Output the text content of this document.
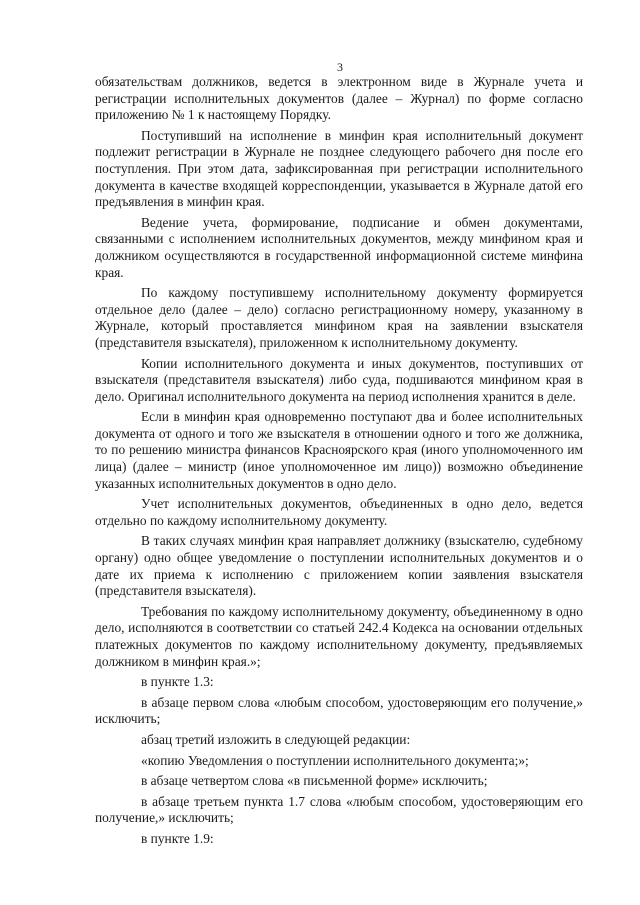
3

обязательствам должников, ведется в электронном виде в Журнале учета и регистрации исполнительных документов (далее – Журнал) по форме согласно приложению № 1 к настоящему Порядку.

Поступивший на исполнение в минфин края исполнительный документ подлежит регистрации в Журнале не позднее следующего рабочего дня после его поступления. При этом дата, зафиксированная при регистрации исполнительного документа в качестве входящей корреспонденции, указывается в Журнале датой его предъявления в минфин края.

Ведение учета, формирование, подписание и обмен документами, связанными с исполнением исполнительных документов, между минфином края и должником осуществляются в государственной информационной системе минфина края.

По каждому поступившему исполнительному документу формируется отдельное дело (далее – дело) согласно регистрационному номеру, указанному в Журнале, который проставляется минфином края на заявлении взыскателя (представителя взыскателя), приложенном к исполнительному документу.

Копии исполнительного документа и иных документов, поступивших от взыскателя (представителя взыскателя) либо суда, подшиваются минфином края в дело. Оригинал исполнительного документа на период исполнения хранится в деле.

Если в минфин края одновременно поступают два и более исполнительных документа от одного и того же взыскателя в отношении одного и того же должника, то по решению министра финансов Красноярского края (иного уполномоченного им лица) (далее – министр (иное уполномоченное им лицо)) возможно объединение указанных исполнительных документов в одно дело.

Учет исполнительных документов, объединенных в одно дело, ведется отдельно по каждому исполнительному документу.

В таких случаях минфин края направляет должнику (взыскателю, судебному органу) одно общее уведомление о поступлении исполнительных документов и о дате их приема к исполнению с приложением копии заявления взыскателя (представителя взыскателя).

Требования по каждому исполнительному документу, объединенному в одно дело, исполняются в соответствии со статьей 242.4 Кодекса на основании отдельных платежных документов по каждому исполнительному документу, предъявляемых должником в минфин края.»;

в пункте 1.3:

в абзаце первом слова «любым способом, удостоверяющим его получение,» исключить;

абзац третий изложить в следующей редакции:

«копию Уведомления о поступлении исполнительного документа;»;

в абзаце четвертом слова «в письменной форме» исключить;

в абзаце третьем пункта 1.7 слова «любым способом, удостоверяющим его получение,» исключить;

в пункте 1.9:
